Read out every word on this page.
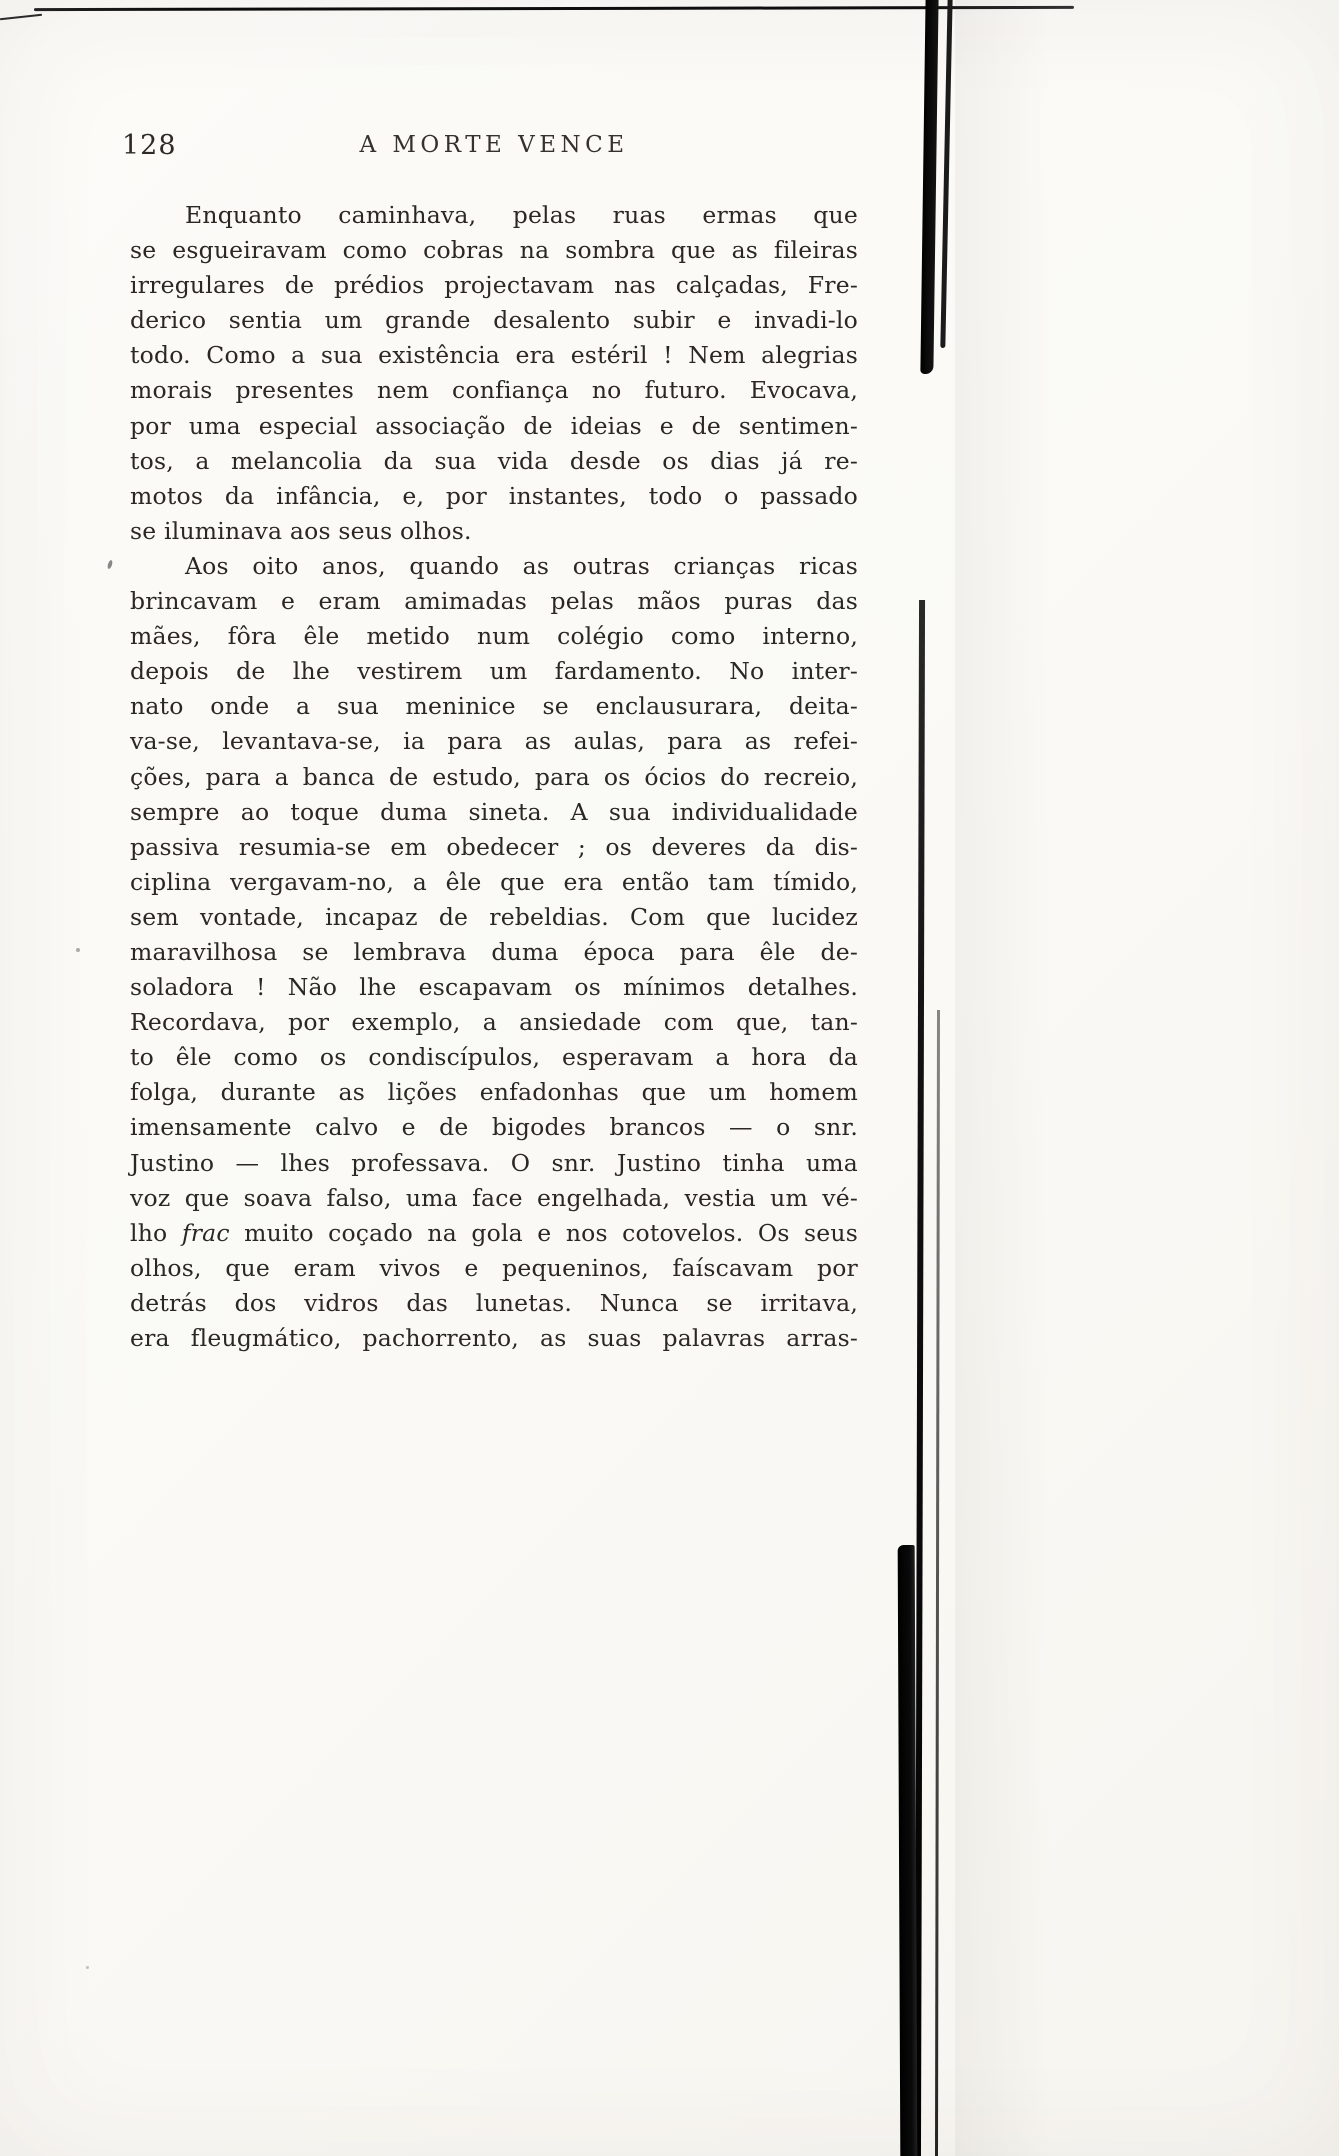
128	A MORTE VENCE
Enquanto caminhava, pelas ruas ermas que
se esgueiravam como cobras na sombra que as fileiras
irregulares de prédios projectavam nas calçadas, Fre-
derico sentia um grande desalento subir e invadi-lo
todo. Como a sua existência era estéril ! Nem alegrias
morais presentes nem confiança no futuro. Evocava,
por uma especial associação de ideias e de sentimen-
tos, a melancolia da sua vida desde os dias já re-
motos da infância, e, por instantes, todo o passado
se iluminava aos seus olhos.
Aos oito anos, quando as outras crianças ricas
brincavam e eram amimadas pelas mãos puras das
mães, fôra êle metido num colégio como interno,
depois de lhe vestirem um fardamento. No inter-
nato onde a sua meninice se enclausurara, deita-
va-se, levantava-se, ia para as aulas, para as refei-
ções, para a banca de estudo, para os ócios do recreio,
sempre ao toque duma sineta. A sua individualidade
passiva resumia-se em obedecer ; os deveres da dis-
ciplina vergavam-no, a êle que era então tam tímido,
sem vontade, incapaz de rebeldias. Com que lucidez
maravilhosa se lembrava duma época para êle de-
soladora ! Não lhe escapavam os mínimos detalhes.
Recordava, por exemplo, a ansiedade com que, tan-
to êle como os condiscípulos, esperavam a hora da
folga, durante as lições enfadonhas que um homem
imensamente calvo e de bigodes brancos — o snr.
Justino — lhes professava. O snr. Justino tinha uma
voz que soava falso, uma face engelhada, vestia um vé-
lho frac muito coçado na gola e nos cotovelos. Os seus
olhos, que eram vivos e pequeninos, faíscavam por
detrás dos vidros das lunetas. Nunca se irritava,
era fleugmático, pachorrento, as suas palavras arras-
